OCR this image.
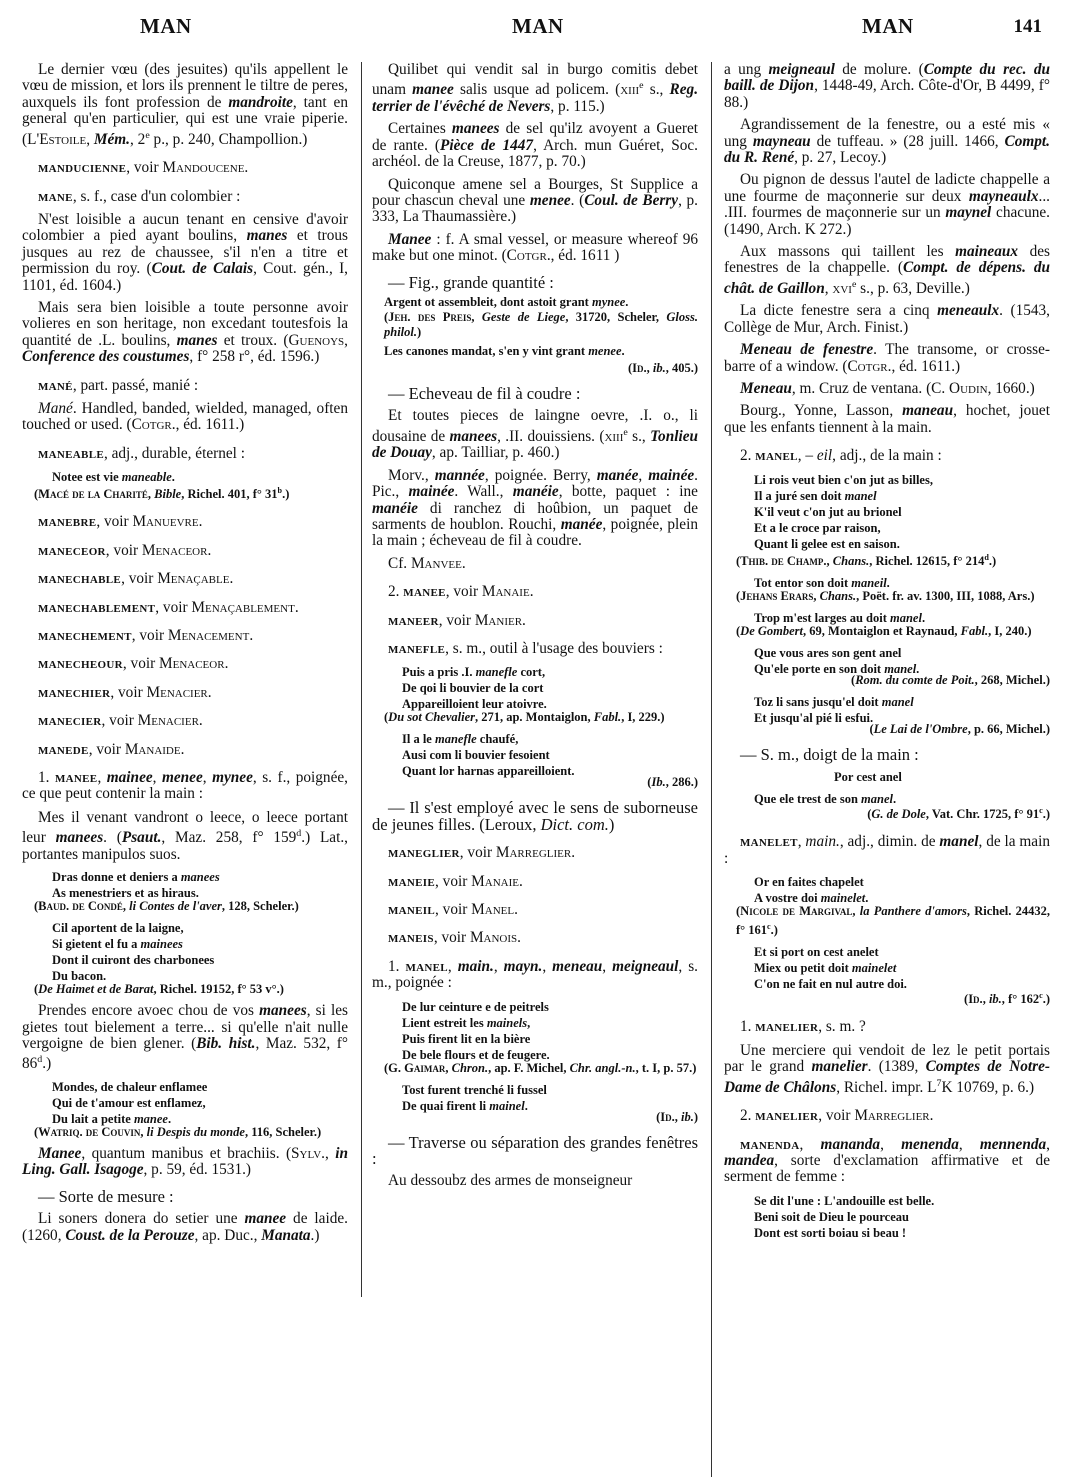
MAN	MAN	MAN	141
Le dernier vœu (des jesuites) qu'ils appellent le vœu de mission, et lors ils prennent le tiltre de peres, auxquels ils font profession de mandroite, tant en general qu'en particulier, qui est une vraie piperie. (L'Estoile, Mém., 2e p., p. 240, Champollion.)
manducienne, voir Mandoucene.
mane, s. f., case d'un colombier :
N'est loisible a aucun tenant en censive d'avoir colombier a pied ayant boulins, manes et trous jusques au rez de chaussee, s'il n'en a titre et permission du roy. (Cout. de Calais, Cout. gén., I, 1101, éd. 1604.)
Mais sera bien loisible a toute personne avoir volieres en son heritage, non excedant toutesfois la quantité de .L. boulins, manes et troux. (Guenoys, Conference des coustumes, f° 258 r°, éd. 1596.)
mané, part. passé, manié :
Mané. Handled, banded, wielded, managed, often touched or used. (Cotgr., éd. 1611.)
maneable, adj., durable, éternel :
Notee est vie maneable.
(Macé de la Charité, Bible, Richel. 401, f° 31$^b$.)
manebre, voir Manuevre.
maneceor, voir Menaceor.
manechable, voir Menaçable.
manechablement, voir Menaçablement.
manechement, voir Menacement.
manecheour, voir Menaceor.
manechier, voir Menacier.
manecier, voir Menacier.
manede, voir Manaide.
1. manee, mainee, menee, mynee, s. f., poignée, ce que peut contenir la main :
Mes il venant vandront o leece, o leece portant leur manees. (Psaut., Maz. 258, f° 159$^d$.) Lat., portantes manipulos suos.
Dras donne et deniers a manees
As menestriers et as hiraus.
(Baud. de Condé, li Contes de l'aver, 128, Scheler.)
Cil aportent de la laigne,
Si gietent el fu a mainees
Dont il cuiront des charbonees
Du bacon.
(De Haimet et de Barat, Richel. 19152, f° 53 v°.)
Prendes encore avoec chou de vos manees, si les gietes tout bielement a terre... si qu'elle n'ait nulle vergoigne de bien glener. (Bib. hist., Maz. 532, f° 86$^d$.)
Mondes, de chaleur enflamee
Qui de t'amour est enflamez,
Du lait a petite manee.
(Watriq. de Couvin, li Despis du monde, 116, Scheler.)
Manee, quantum manibus et brachiis. (Sylv., in Ling. Gall. Isagoge, p. 59, éd. 1531.)
— Sorte de mesure :
Li soners donera do setier une manee de laide. (1260, Coust. de la Perouze, ap. Duc., Manata.)
Quilibet qui vendit sal in burgo comitis debet unam manee salis usque ad policem. (xiii$^e$ s., Reg. terrier de l'évêché de Nevers, p. 115.)
Certaines manees de sel qu'ilz avoyent a Gueret de rante. (Pièce de 1447, Arch. mun Guéret, Soc. archéol. de la Creuse, 1877, p. 70.)
Quiconque amene sel a Bourges, St Supplice a pour chascun cheval une menee. (Coul. de Berry, p. 333, La Thaumassière.)
Manee : f. A smal vessel, or measure whereof 96 make but one minot. (Cotgr., éd. 1611 )
— Fig., grande quantité :
Argent ot assembleit, dont astoit grant mynee.
(Jeh. des Preis, Geste de Liege, 31720, Scheler, Gloss. philol.)
Les canones mandat, s'en y vint grant menee.
(Id., ib., 405.)
— Echeveau de fil à coudre :
Et toutes pieces de laingne oevre, .I. o., li dousaine de manees, .II. douissiens. (xiii$^e$ s., Tonlieu de Douay, ap. Tailliar, p. 460.)
Morv., mannée, poignée. Berry, manée, mainée. Pic., mainée. Wall., manéie, botte, paquet : ine manéie di ranchez di hoûbion, un paquet de sarments de houblon. Rouchi, manée, poignée, plein la main ; écheveau de fil à coudre.
Cf. Manvee.
2. manee, voir Manaie.
maneer, voir Manier.
manefle, s. m., outil à l'usage des bouviers :
Puis a pris .I. manefle cort,
De qoi li bouvier de la cort
Appareilloient leur atoivre.
(Du sot Chevalier, 271, ap. Montaiglon, Fabl., I, 229.)
Il a le manefle chaufé,
Ausi com li bouvier fesoient
Quant lor harnas appareilloient.
(Ib., 286.)
— Il s'est employé avec le sens de suborneuse de jeunes filles. (Leroux, Dict. com.)
maneglier, voir Marreglier.
maneie, voir Manaie.
maneil, voir Manel.
maneis, voir Manois.
1. manel, main., mayn., meneau, meigneaul, s. m., poignée :
De lur ceinture e de peitrels
Lient estreit les mainels,
Puis firent lit en la bière
De bele flours et de feugere.
(G. Gaimar, Chron., ap. F. Michel, Chr. angl.-n., t. I, p. 57.)
Tost furent trenché li fussel
De quai firent li mainel.
(Id., ib.)
— Traverse ou séparation des grandes fenêtres :
Au dessoubz des armes de monseigneur
a ung meigneaul de molure. (Compte du rec. du baill. de Dijon, 1448-49, Arch. Côte-d'Or, B 4499, f° 88.)
Agrandissement de la fenestre, ou a esté mis « ung mayneau de tuffeau. » (28 juill. 1466, Compt. du R. René, p. 27, Lecoy.)
Ou pignon de dessus l'autel de ladicte chappelle a une fourme de maçonnerie sur deux mayneaulx... .III. fourmes de maçonnerie sur un maynel chacune. (1490, Arch. K 272.)
Aux massons qui taillent les maineaux des fenestres de la chappelle. (Compt. de dépens. du chât. de Gaillon, xvi$^e$ s., p. 63, Deville.)
La dicte fenestre sera a cinq meneaulx. (1543, Collège de Mur, Arch. Finist.)
Meneau de fenestre. The transome, or crosse-barre of a window. (Cotgr., éd. 1611.)
Meneau, m. Cruz de ventana. (C. Oudin, 1660.)
Bourg., Yonne, Lasson, maneau, hochet, jouet que les enfants tiennent à la main.
2. manel, – eil, adj., de la main :
Li rois veut bien c'on jut as billes,
Il a juré sen doit manel
K'il veut c'on jut au brionel
Et a le croce par raison,
Quant li gelee est en saison.
(Thib. de Champ., Chans., Richel. 12615, f° 214$^d$.)
Tot entor son doit maneil.
(Jehans Erars, Chans., Poët. fr. av. 1300, III, 1088, Ars.)
Trop m'est larges au doit manel.
(De Gombert, 69, Montaiglon et Raynaud, Fabl., I, 240.)
Que vous ares son gent anel
Qu'ele porte en son doit manel.
(Rom. du comte de Poit., 268, Michel.)
Toz li sans jusqu'el doit manel
Et jusqu'al pié li esfui.
(Le Lai de l'Ombre, p. 66, Michel.)
— S. m., doigt de la main :
Por cest anel
Que ele trest de son manel.
(G. de Dole, Vat. Chr. 1725, f° 91$^c$.)
manelet, main., adj., dimin. de manel, de la main :
Or en faites chapelet
A vostre doi mainelet.
(Nicole de Margival, la Panthere d'amors, Richel. 24432, f° 161$^c$.)
Et si port on cest anelet
Miex ou petit doit mainelet
C'on ne fait en nul autre doi.
(Id., ib., f° 162$^c$.)
1. manelier, s. m. ?
Une merciere qui vendoit de lez le petit portais par le grand manelier. (1389, Comptes de Notre-Dame de Châlons, Richel. impr. $L^7K$ 10769, p. 6.)
2. manelier, voir Marreglier.
manenda, mananda, menenda, mennenda, mandea, sorte d'exclamation affirmative et de serment de femme :
Se dit l'une : L'andouille est belle.
Beni soit de Dieu le pourceau
Dont est sorti boiau si beau !
